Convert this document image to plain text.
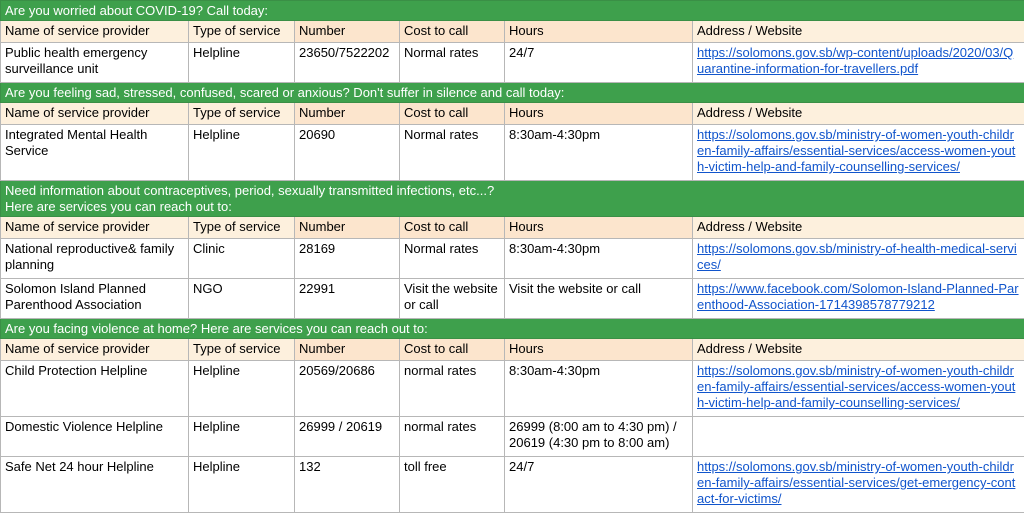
Are you worried about COVID-19? Call today:					

Name of service provider	Type of service	Number	Cost to call	Hours	Address / Website
Public health emergency surveillance unit	Helpline	23650/7522202	Normal rates	24/7	https://solomons.gov.sb/wp-content/uploads/2020/03/Quarantine-information-for-travellers.pdf

Are you feeling sad, stressed, confused, scared or anxious? Don't suffer in silence and call today:					

Name of service provider	Type of service	Number	Cost to call	Hours	Address / Website
Integrated Mental Health Service	Helpline	20690	Normal rates	8:30am-4:30pm	https://solomons.gov.sb/ministry-of-women-youth-children-family-affairs/essential-services/access-women-youth-victim-help-and-family-counselling-services/

Need information about contraceptives, period, sexually transmitted infections, etc...?
Here are services you can reach out to:					

Name of service provider	Type of service	Number	Cost to call	Hours	Address / Website
National reproductive& family planning	Clinic	28169	Normal rates	8:30am-4:30pm	https://solomons.gov.sb/ministry-of-health-medical-services/
Solomon Island Planned Parenthood Association	NGO	22991	Visit the website or call	Visit the website or call	https://www.facebook.com/Solomon-Island-Planned-Parenthood-Association-1714398578779212

Are you facing violence at home? Here are services you can reach out to:					

Name of service provider	Type of service	Number	Cost to call	Hours	Address / Website
Child Protection Helpline	Helpline	20569/20686	normal rates	8:30am-4:30pm	https://solomons.gov.sb/ministry-of-women-youth-children-family-affairs/essential-services/access-women-youth-victim-help-and-family-counselling-services/
Domestic Violence Helpline	Helpline	26999 / 20619	normal rates	26999 (8:00 am to 4:30 pm) / 20619 (4:30 pm to 8:00 am)	
Safe Net 24 hour Helpline	Helpline	132	toll free	24/7	https://solomons.gov.sb/ministry-of-women-youth-children-family-affairs/essential-services/get-emergency-contact-for-victims/
